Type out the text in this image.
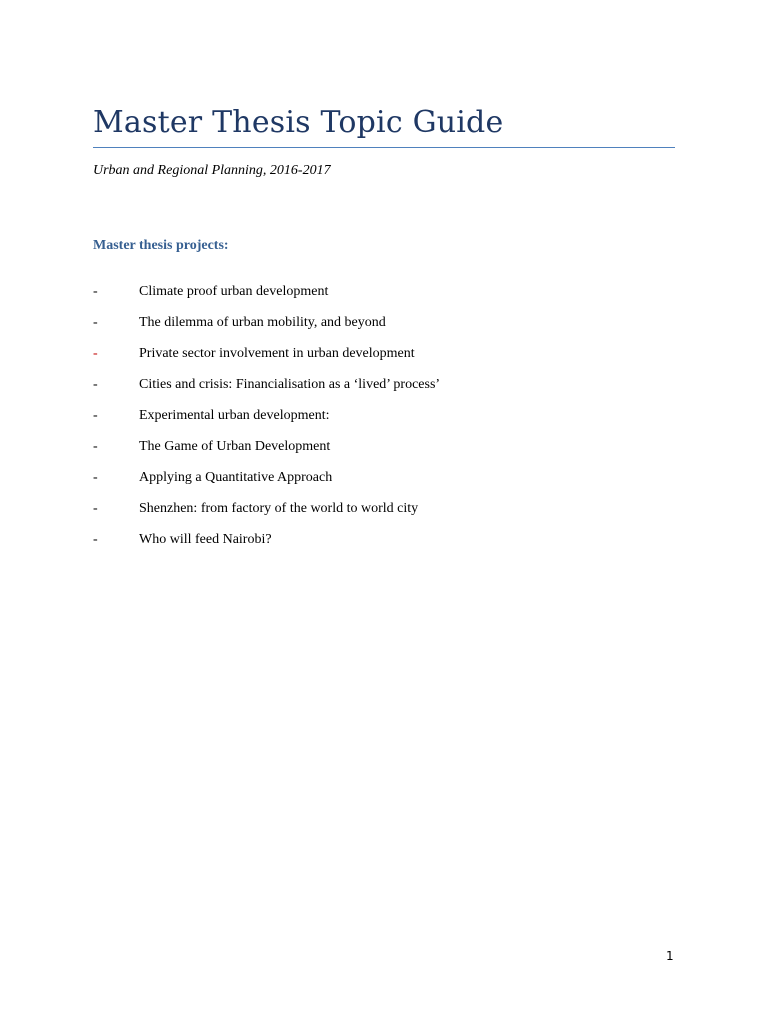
Master Thesis Topic Guide
Urban and Regional Planning, 2016-2017
Master thesis projects:
-	Climate proof urban development
-	The dilemma of urban mobility, and beyond
-	Private sector involvement in urban development
-	Cities and crisis: Financialisation as a ‘lived’ process’
-	Experimental urban development:
-	The Game of Urban Development
-	Applying a Quantitative Approach
-	Shenzhen: from factory of the world to world city
-	Who will feed Nairobi?
1
